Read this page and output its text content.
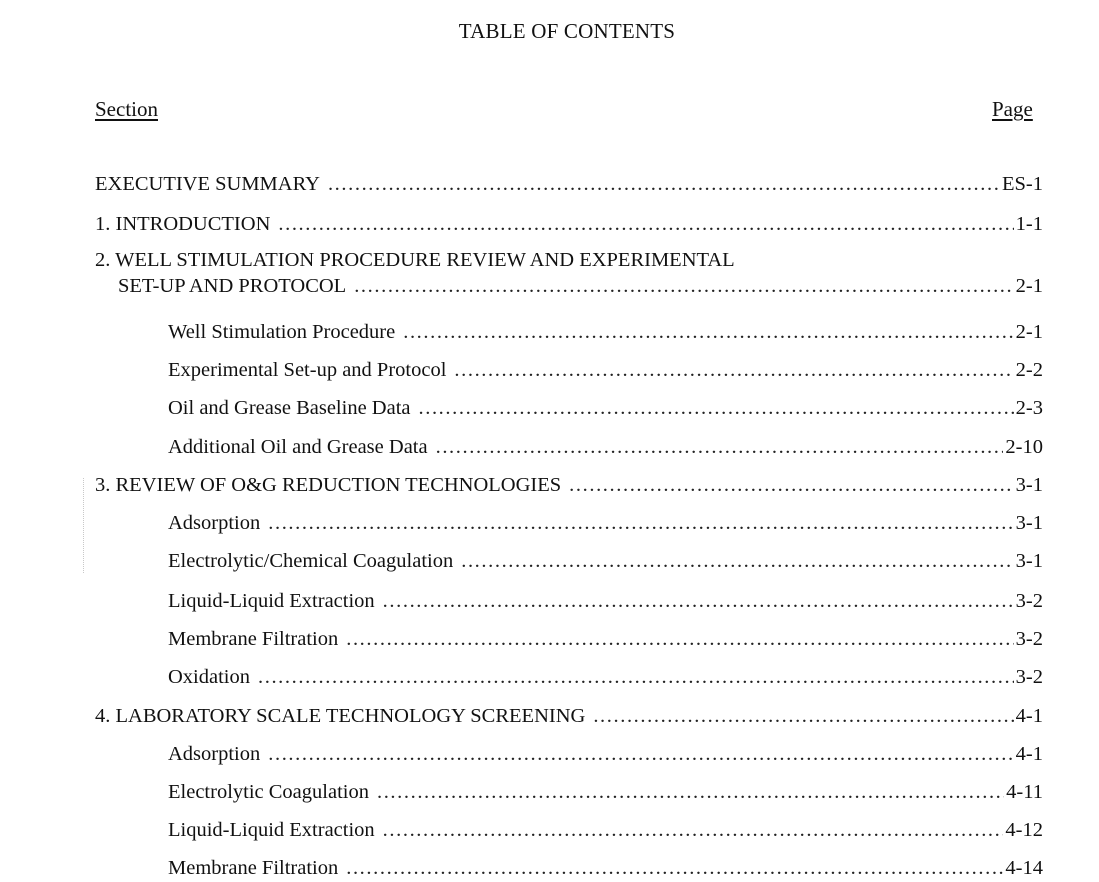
TABLE OF CONTENTS
Section	Page
EXECUTIVE SUMMARY .....	ES-1
1. INTRODUCTION .....	1-1
2. WELL STIMULATION PROCEDURE REVIEW AND EXPERIMENTAL
SET-UP AND PROTOCOL .....	2-1
Well Stimulation Procedure .....	2-1
Experimental Set-up and Protocol .....	2-2
Oil and Grease Baseline Data .....	2-3
Additional Oil and Grease Data .....	2-10
3. REVIEW OF O&G REDUCTION TECHNOLOGIES .....	3-1
Adsorption .....	3-1
Electrolytic/Chemical Coagulation .....	3-1
Liquid-Liquid Extraction .....	3-2
Membrane Filtration .....	3-2
Oxidation .....	3-2
4. LABORATORY SCALE TECHNOLOGY SCREENING .....	4-1
Adsorption .....	4-1
Electrolytic Coagulation .....	4-11
Liquid-Liquid Extraction .....	4-12
Membrane Filtration .....	4-14
